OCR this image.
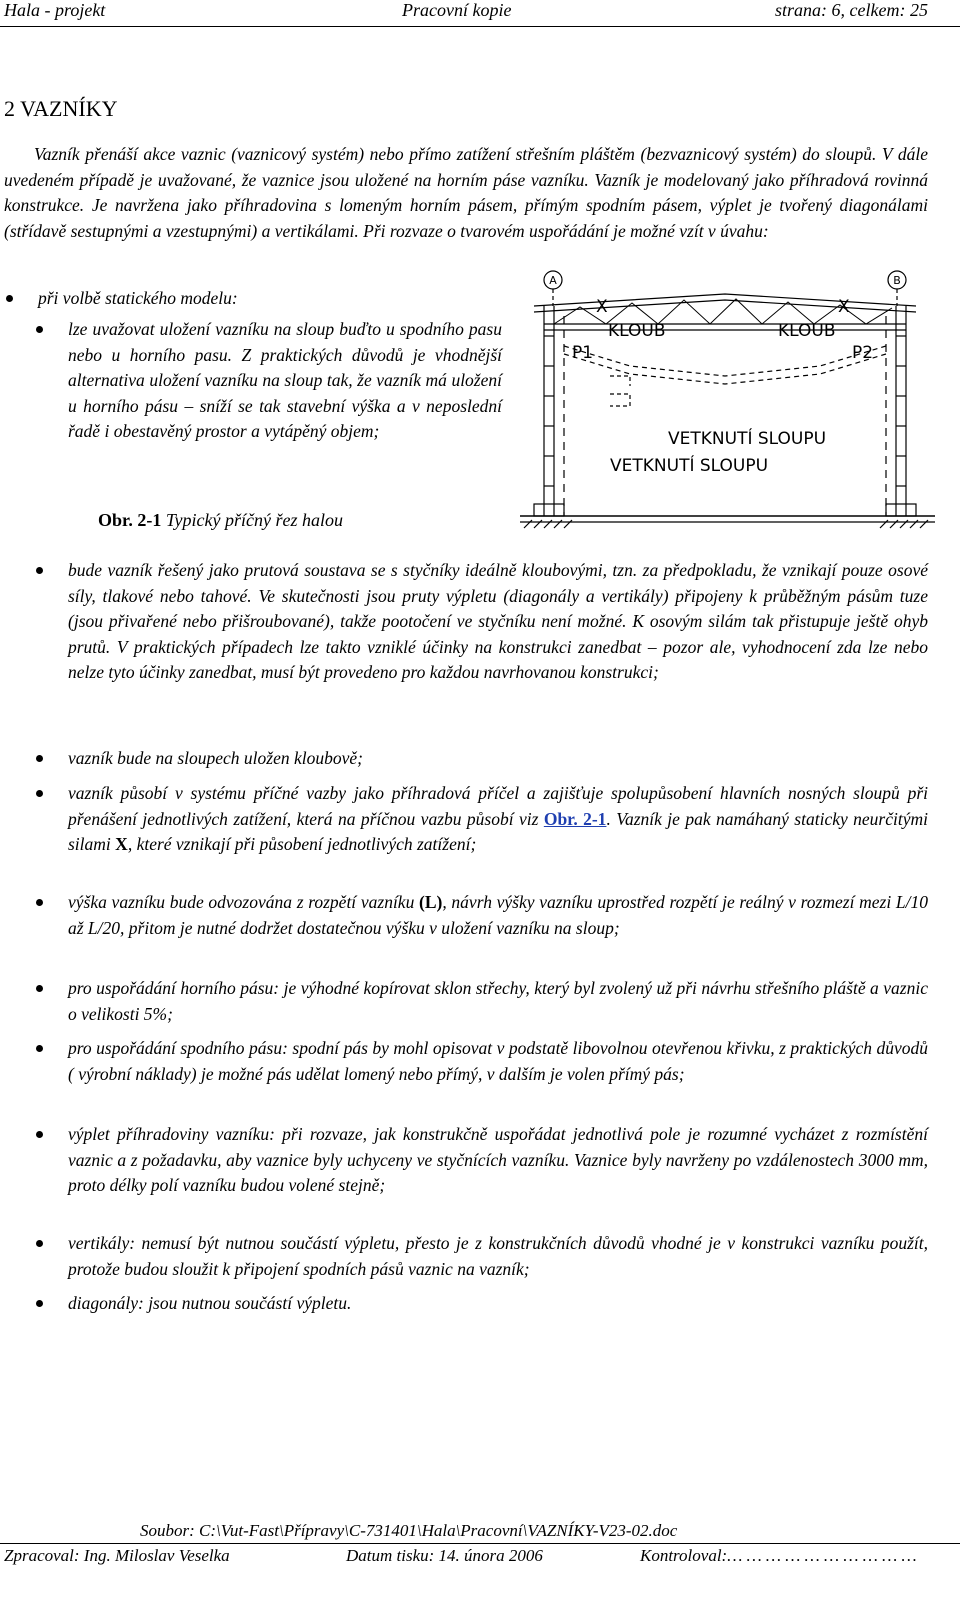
Hala - projekt	Pracovní kopie	strana: 6, celkem: 25
2 VAZNÍKY
Vazník přenáší akce vaznic (vaznicový systém) nebo přímo zatížení střešním pláštěm (bezvaznicový systém) do sloupů. V dále uvedeném případě je uvažované, že vaznice jsou uložené na horním páse vazníku. Vazník je modelovaný jako příhradová rovinná konstrukce. Je navržena jako příhradovina s lomeným horním pásem, přímým spodním pásem, výplet je tvořený diagonálami (střídavě sestupnými a vzestupnými) a vertikálami. Při rozvaze o tvarovém uspořádání je možné vzít v úvahu:
při volbě statického modelu:
lze uvažovat uložení vazníku na sloup buďto u spodního pasu nebo u horního pasu. Z praktických důvodů je vhodnější alternativa uložení vazníku na sloup tak, že vazník má uložení u horního pásu – sníží se tak stavební výška a v neposlední řadě i obestavěný prostor a vytápěný objem;
A	B
X	X
KLOUB	KLOUB
P1	P2
VETKNUTÍ SLOUPU
VETKNUTÍ SLOUPU
Obr. 2-1 Typický příčný řez halou
bude vazník řešený jako prutová soustava se s styčníky ideálně kloubovými, tzn. za předpokladu, že vznikají pouze osové síly, tlakové nebo tahové. Ve skutečnosti jsou pruty výpletu (diagonály a vertikály) připojeny k průběžným pásům tuze (jsou přivařené nebo přišroubované), takže pootočení ve styčníku není možné. K osovým silám tak přistupuje ještě ohyb prutů. V praktických případech lze takto vzniklé účinky na konstrukci zanedbat – pozor ale, vyhodnocení zda lze nebo nelze tyto účinky zanedbat, musí být provedeno pro každou navrhovanou konstrukci;
vazník bude na sloupech uložen kloubově;
vazník působí v systému příčné vazby jako příhradová příčel a zajišťuje spolupůsobení hlavních nosných sloupů při přenášení jednotlivých zatížení, která na příčnou vazbu působí viz Obr. 2-1. Vazník je pak namáhaný staticky neurčitými silami X, které vznikají při působení jednotlivých zatížení;
výška vazníku bude odvozována z rozpětí vazníku (L), návrh výšky vazníku uprostřed rozpětí je reálný v rozmezí mezi L/10 až L/20, přitom je nutné dodržet dostatečnou výšku v uložení vazníku na sloup;
pro uspořádání horního pásu: je výhodné kopírovat sklon střechy, který byl zvolený už při návrhu střešního pláště a vaznic o velikosti 5%;
pro uspořádání spodního pásu: spodní pás by mohl opisovat v podstatě libovolnou otevřenou křivku, z praktických důvodů ( výrobní náklady) je možné pás udělat lomený nebo přímý, v dalším je volen přímý pás;
výplet příhradoviny vazníku: při rozvaze, jak konstrukčně uspořádat jednotlivá pole je rozumné vycházet z rozmístění vaznic a z požadavku, aby vaznice byly uchyceny ve styčnících vazníku. Vaznice byly navrženy po vzdálenostech 3000 mm, proto délky polí vazníku budou volené stejně;
vertikály: nemusí být nutnou součástí výpletu, přesto je z konstrukčních důvodů vhodné je v konstrukci vazníku použít, protože budou sloužit k připojení spodních pásů vaznic na vazník;
diagonály: jsou nutnou součástí výpletu.
Soubor: C:\Vut-Fast\Přípravy\C-731401\Hala\Pracovní\VAZNÍKY-V23-02.doc
Zpracoval: Ing. Miloslav Veselka	Datum tisku: 14. února 2006	Kontroloval:… … … … … … … … … …
